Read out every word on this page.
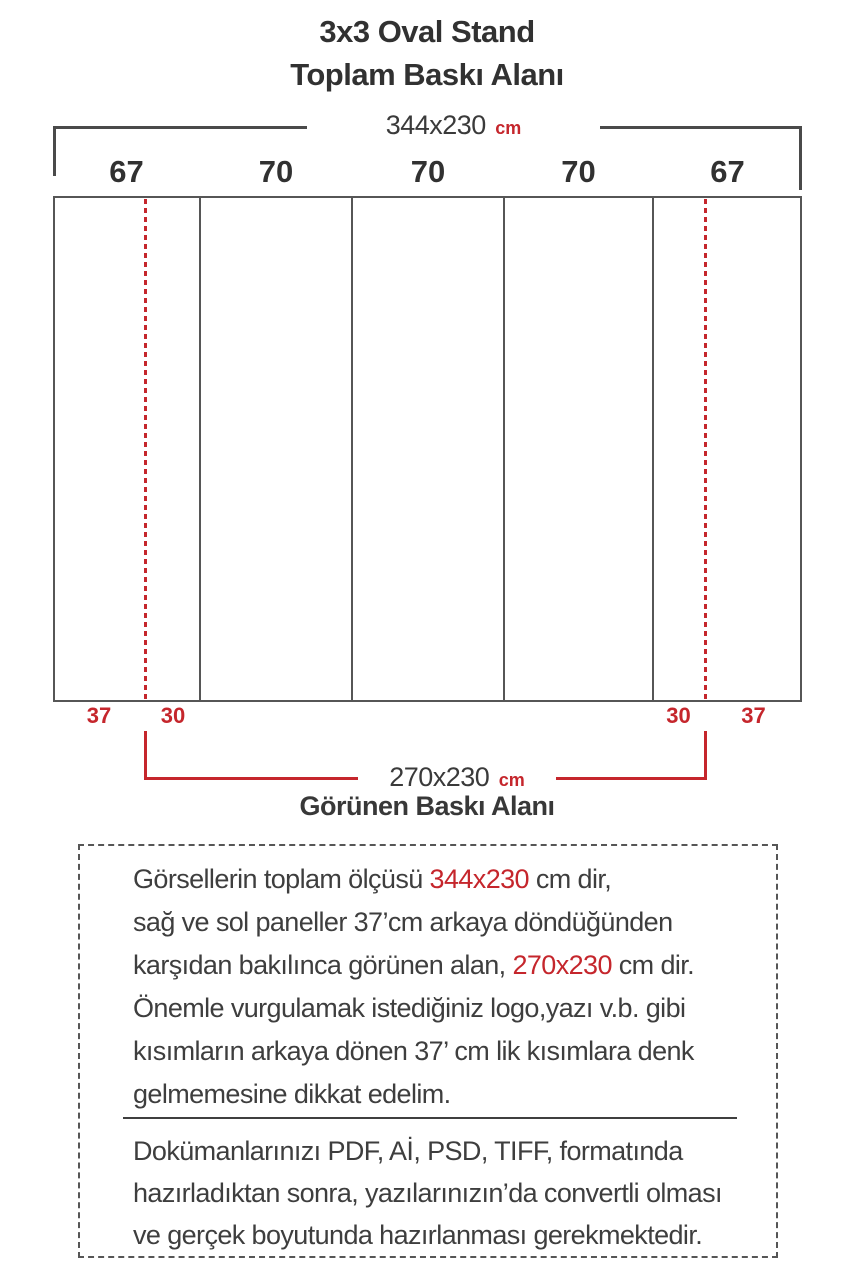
3x3 Oval Stand
Toplam Baskı Alanı
344x230 cm
67	70	70	70	67
37	30	30	37
270x230 cm
Görünen Baskı Alanı
Görsellerin toplam ölçüsü 344x230 cm dir,
sağ ve sol paneller 37’cm arkaya döndüğünden
karşıdan bakılınca görünen alan, 270x230 cm dir.
Önemle vurgulamak istediğiniz logo,yazı v.b. gibi
kısımların arkaya dönen 37’ cm lik kısımlara denk
gelmemesine dikkat edelim.
Dokümanlarınızı PDF, Aİ, PSD, TIFF, formatında
hazırladıktan sonra, yazılarınızın’da convertli olması
ve gerçek boyutunda hazırlanması gerekmektedir.
